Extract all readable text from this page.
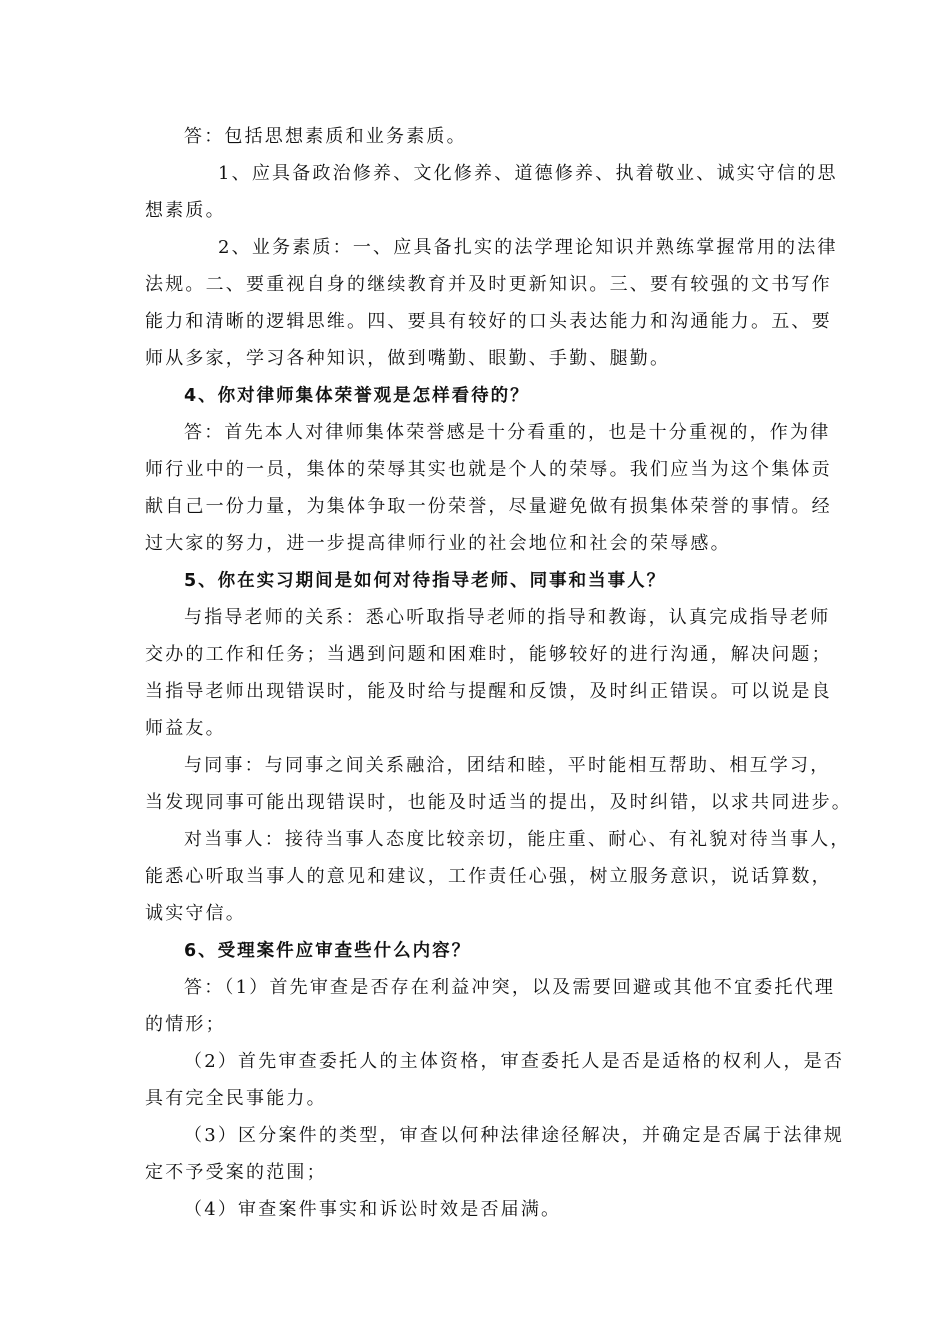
答：包括思想素质和业务素质。
1、应具备政治修养、文化修养、道德修养、执着敬业、诚实守信的思
想素质。
2、业务素质：一、应具备扎实的法学理论知识并熟练掌握常用的法律
法规。二、要重视自身的继续教育并及时更新知识。三、要有较强的文书写作
能力和清晰的逻辑思维。四、要具有较好的口头表达能力和沟通能力。五、要
师从多家，学习各种知识，做到嘴勤、眼勤、手勤、腿勤。
4、你对律师集体荣誉观是怎样看待的？
答：首先本人对律师集体荣誉感是十分看重的，也是十分重视的，作为律
师行业中的一员，集体的荣辱其实也就是个人的荣辱。我们应当为这个集体贡
献自己一份力量，为集体争取一份荣誉，尽量避免做有损集体荣誉的事情。经
过大家的努力，进一步提高律师行业的社会地位和社会的荣辱感。
5、你在实习期间是如何对待指导老师、同事和当事人？
与指导老师的关系：悉心听取指导老师的指导和教诲，认真完成指导老师
交办的工作和任务；当遇到问题和困难时，能够较好的进行沟通，解决问题；
当指导老师出现错误时，能及时给与提醒和反馈，及时纠正错误。可以说是良
师益友。
与同事：与同事之间关系融洽，团结和睦，平时能相互帮助、相互学习，
当发现同事可能出现错误时，也能及时适当的提出，及时纠错，以求共同进步。
对当事人：接待当事人态度比较亲切，能庄重、耐心、有礼貌对待当事人，
能悉心听取当事人的意见和建议，工作责任心强，树立服务意识，说话算数，
诚实守信。
6、受理案件应审查些什么内容？
答：（1）首先审查是否存在利益冲突，以及需要回避或其他不宜委托代理
的情形；
（2）首先审查委托人的主体资格，审查委托人是否是适格的权利人，是否
具有完全民事能力。
（3）区分案件的类型，审查以何种法律途径解决，并确定是否属于法律规
定不予受案的范围；
（4）审查案件事实和诉讼时效是否届满。
